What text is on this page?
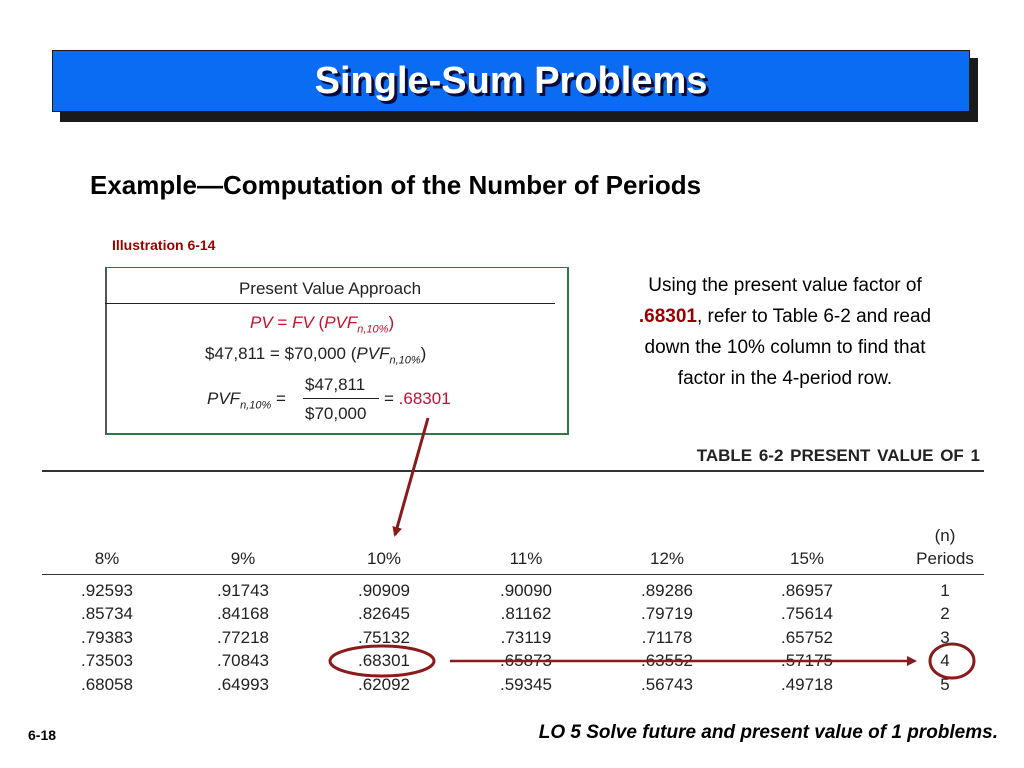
Single-Sum Problems
Example—Computation of the Number of Periods
Illustration 6-14
Present Value Approach
PV = FV $(PVF_{n,10\%})$
$47,811 = $70,000 $(PVF_{n,10\%})$
$PVF_{n,10\%}$ =
$47,811
$70,000
= .68301
Using the present value factor of
.68301, refer to Table 6-2 and read
down the 10% column to find that
factor in the 4-period row.
TABLE 6-2 PRESENT VALUE OF 1
(n)
8%	9%	10%	11%	12%	15%	Periods
.92593	.91743	.90909	.90090	.89286	.86957	1
.85734	.84168	.82645	.81162	.79719	.75614	2
.79383	.77218	.75132	.73119	.71178	.65752	3
.73503	.70843	.68301	.65873	.63552	.57175	4
.68058	.64993	.62092	.59345	.56743	.49718	5
6-18	LO 5 Solve future and present value of 1 problems.
